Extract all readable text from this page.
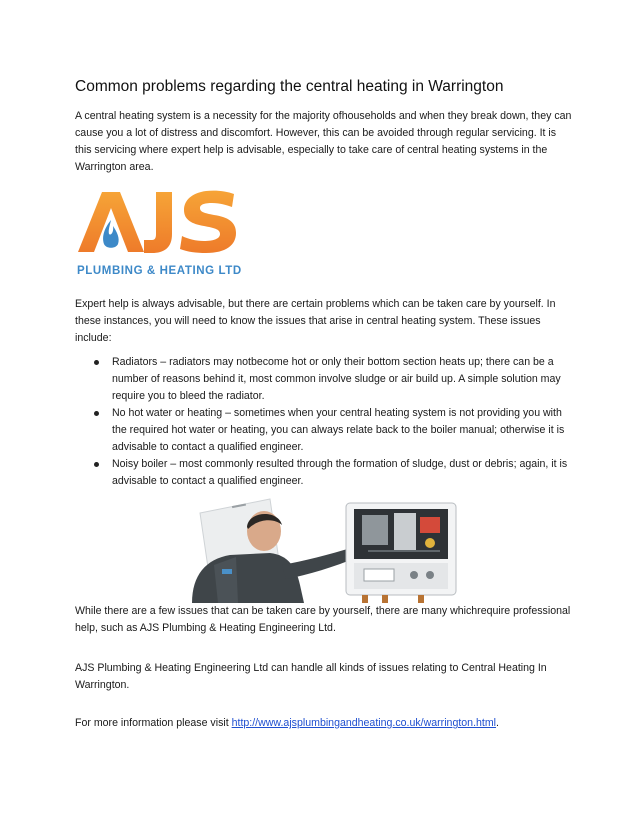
Common problems regarding the central heating in Warrington

A central heating system is a necessity for the majority ofhouseholds and when they break down, they can cause you a lot of distress and discomfort. However, this can be avoided through regular servicing. It is this servicing where expert help is advisable, especially to take care of central heating systems in the Warrington area.

PLUMBING & HEATING LTD

Expert help is always advisable, but there are certain problems which can be taken care by yourself. In these instances, you will need to know the issues that arise in central heating system. These issues include:

Radiators – radiators may notbecome hot or only their bottom section heats up; there can be a number of reasons behind it, most common involve sludge or air build up. A simple solution may require you to bleed the radiator.
No hot water or heating – sometimes when your central heating system is not providing you with the required hot water or heating, you can always relate back to the boiler manual; otherwise it is advisable to contact a qualified engineer.
Noisy boiler – most commonly resulted through the formation of sludge, dust or debris; again, it is advisable to contact a qualified engineer.

While there are a few issues that can be taken care by yourself, there are many whichrequire professional help, such as AJS Plumbing & Heating Engineering Ltd.

AJS Plumbing & Heating Engineering Ltd can handle all kinds of issues relating to Central Heating In Warrington.

For more information please visit http://www.ajsplumbingandheating.co.uk/warrington.html.
